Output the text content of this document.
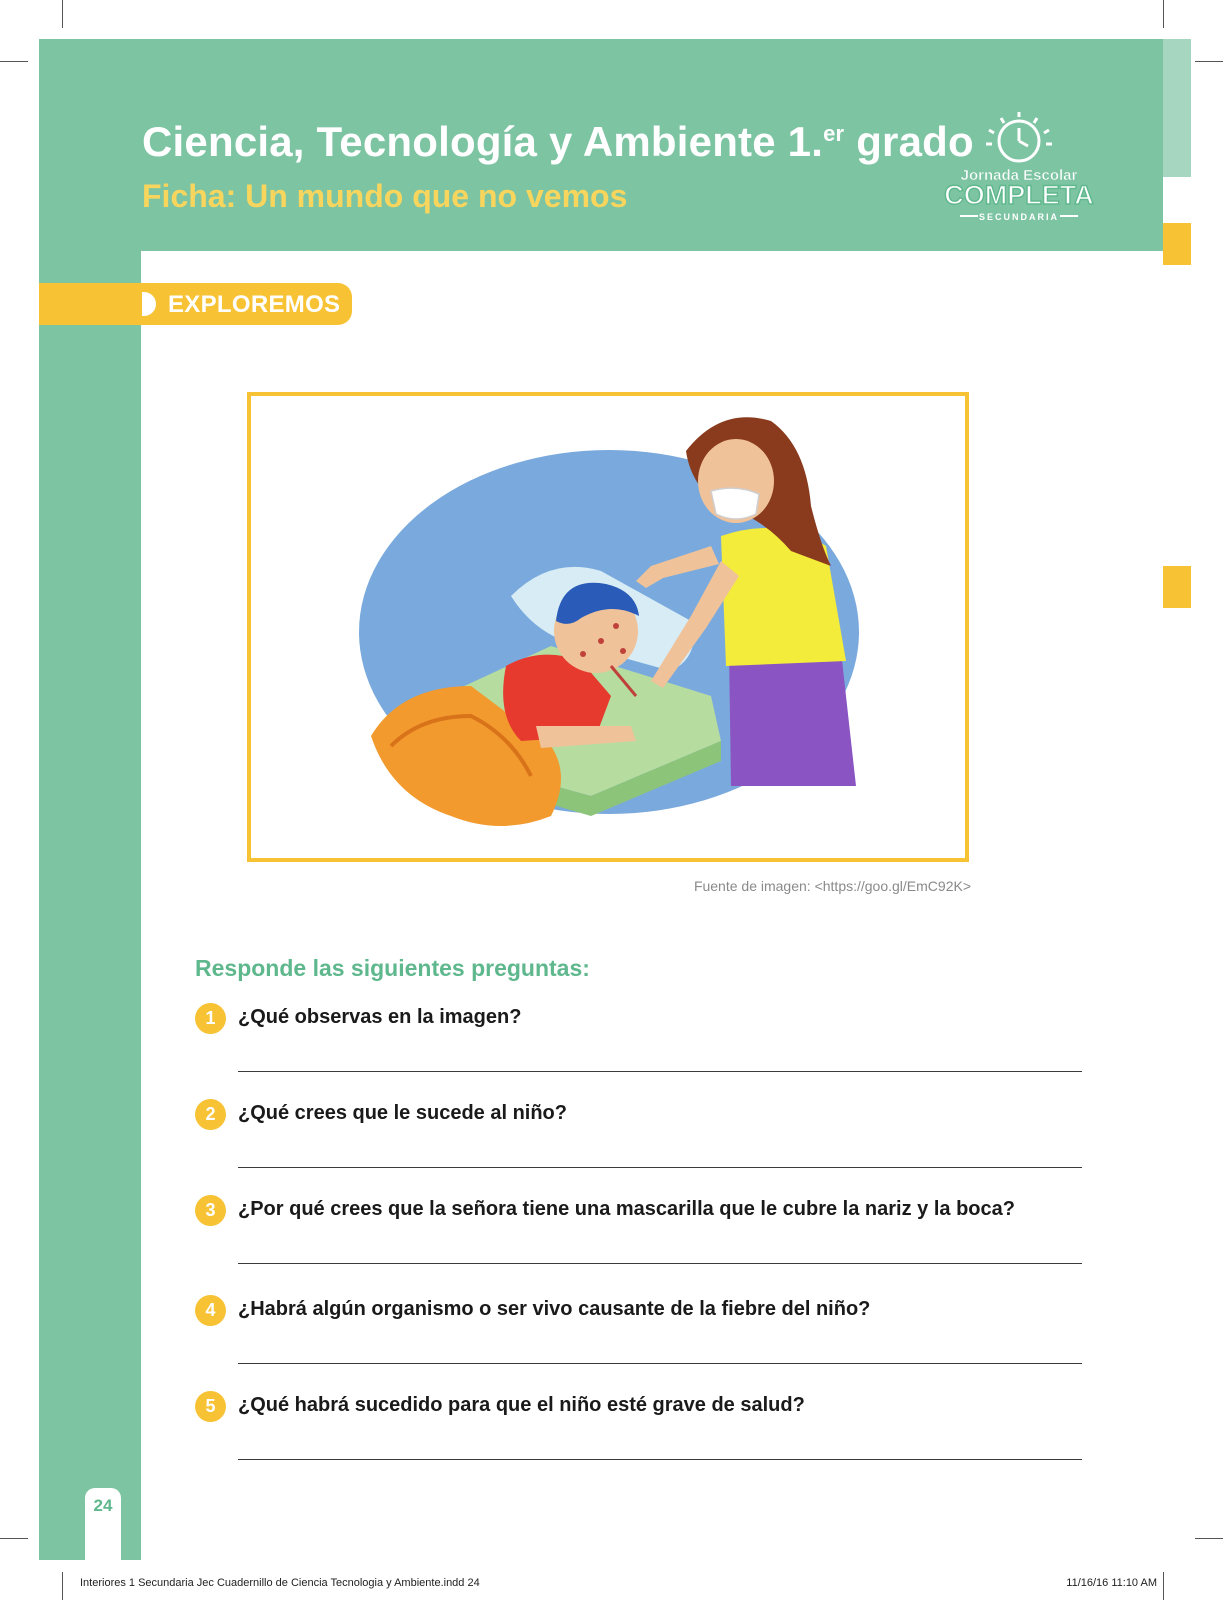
Ciencia, Tecnología y Ambiente 1.$^{er}$ grado
Ficha: Un mundo que no vemos
Jornada Escolar
COMPLETA
SECUNDARIA
EXPLOREMOS
Fuente de imagen: <https://goo.gl/EmC92K>
Responde las siguientes preguntas:
1	¿Qué observas en la imagen?
2	¿Qué crees que le sucede al niño?
3	¿Por qué crees que la señora tiene una mascarilla que le cubre la nariz y la boca?
4	¿Habrá algún organismo o ser vivo causante de la fiebre del niño?
5	¿Qué habrá sucedido para que el niño esté grave de salud?
24
Interiores 1 Secundaria Jec Cuadernillo de Ciencia Tecnologia y Ambiente.indd 24	11/16/16 11:10 AM
